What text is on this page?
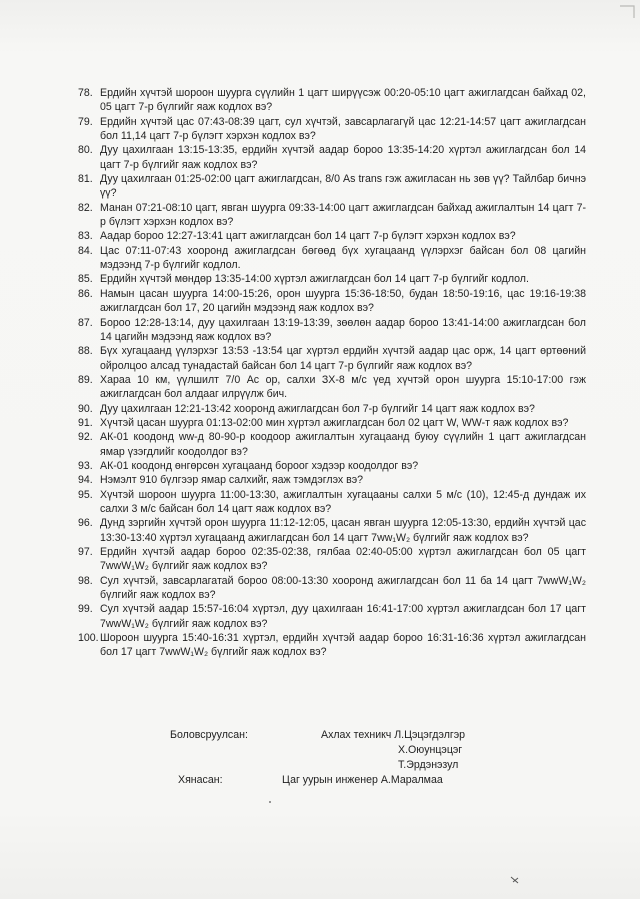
78. Ердийн хүчтэй шороон шуурга сүүлийн 1 цагт ширүүсэж 00:20-05:10 цагт ажиглагдсан байхад 02, 05 цагт 7-р бүлгийг яаж кодлох вэ?
79. Ердийн хүчтэй цас 07:43-08:39 цагт, сул хүчтэй, завсарлагагүй цас 12:21-14:57 цагт ажиглагдсан бол 11,14 цагт 7-р бүлэгт хэрхэн кодлох вэ?
80. Дуу цахилгаан 13:15-13:35, ердийн хүчтэй аадар бороо 13:35-14:20 хүртэл ажиглагдсан бол 14 цагт 7-р бүлгийг яаж кодлох вэ?
81. Дуу цахилгаан 01:25-02:00 цагт ажиглагдсан, 8/0 As trans гэж ажигласан нь зөв үү? Тайлбар бичнэ үү?
82. Манан 07:21-08:10 цагт, явган шуурга 09:33-14:00 цагт ажиглагдсан байхад ажиглалтын 14 цагт 7-р бүлэгт хэрхэн кодлох вэ?
83. Аадар бороо 12:27-13:41 цагт ажиглагдсан бол 14 цагт 7-р бүлэгт хэрхэн кодлох вэ?
84. Цас 07:11-07:43 хооронд ажиглагдсан бөгөөд бүх хугацаанд үүлэрхэг байсан бол 08 цагийн мэдээнд 7-р бүлгийг кодлол.
85. Ердийн хүчтэй мөндөр 13:35-14:00 хүртэл ажиглагдсан бол 14 цагт 7-р бүлгийг кодлол.
86. Намын цасан шуурга 14:00-15:26, орон шуурга 15:36-18:50, будан 18:50-19:16, цас 19:16-19:38 ажиглагдсан бол 17, 20 цагийн мэдээнд яаж кодлох вэ?
87. Бороо 12:28-13:14, дуу цахилгаан 13:19-13:39, зөөлөн аадар бороо 13:41-14:00 ажиглагдсан бол 14 цагийн мэдээнд яаж кодлох вэ?
88. Бүх хугацаанд үүлэрхэг 13:53 -13:54 цаг хүртэл ердийн хүчтэй аадар цас орж, 14 цагт өртөөний ойролцоо алсад тунадастай байсан бол 14 цагт 7-р бүлгийг яаж кодлох вэ?
89. Хараа 10 км, үүлшилт 7/0 Ac ор, салхи ЗХ-8 м/с үед хүчтэй орон шуурга 15:10-17:00 гэж ажиглагдсан бол алдааг илрүүлж бич.
90. Дуу цахилгаан 12:21-13:42 хооронд ажиглагдсан бол 7-р бүлгийг 14 цагт яаж кодлох вэ?
91. Хүчтэй цасан шуурга 01:13-02:00 мин хүртэл ажиглагдсан бол 02 цагт W, WW-т яаж кодлох вэ?
92. АК-01 коодонд ww-д 80-90-р коодоор ажиглалтын хугацаанд буюу сүүлийн 1 цагт ажиглагдсан ямар үзэгдлийг коодолдог вэ?
93. АК-01 коодонд өнгөрсөн хугацаанд бороог хэдээр коодолдог вэ?
94. Нэмэлт 910 бүлгээр ямар салхийг, яаж тэмдэглэх вэ?
95. Хүчтэй шороон шуурга 11:00-13:30, ажиглалтын хугацааны салхи 5 м/с (10), 12:45-д дундаж их салхи 3 м/с байсан бол 14 цагт яаж кодлох вэ?
96. Дунд зэргийн хүчтэй орон шуурга 11:12-12:05, цасан явган шуурга 12:05-13:30, ердийн хүчтэй цас 13:30-13:40 хүртэл хугацаанд ажиглагдсан бол 14 цагт 7ww₁W₂ бүлгийг яаж кодлох вэ?
97. Ердийн хүчтэй аадар бороо 02:35-02:38, гялбаа 02:40-05:00 хүртэл ажиглагдсан бол 05 цагт 7wwW₁W₂ бүлгийг яаж кодлох вэ?
98. Сул хүчтэй, завсарлагатай бороо 08:00-13:30 хооронд ажиглагдсан бол 11 ба 14 цагт 7wwW₁W₂ бүлгийг яаж кодлох вэ?
99. Сул хүчтэй аадар 15:57-16:04 хүртэл, дуу цахилгаан 16:41-17:00 хүртэл ажиглагдсан бол 17 цагт 7wwW₁W₂ бүлгийг яаж кодлох вэ?
100. Шороон шуурга 15:40-16:31 хүртэл, ердийн хүчтэй аадар бороо 16:31-16:36 хүртэл ажиглагдсан бол 17 цагт 7wwW₁W₂ бүлгийг яаж кодлох вэ?
Боловсруулсан:	Ахлах техникч Л.Цэцэгдэлгэр
Х.Оюунцэцэг
Т.Эрдэнэзул
Хянасан:	Цаг уурын инженер А.Маралмаа
